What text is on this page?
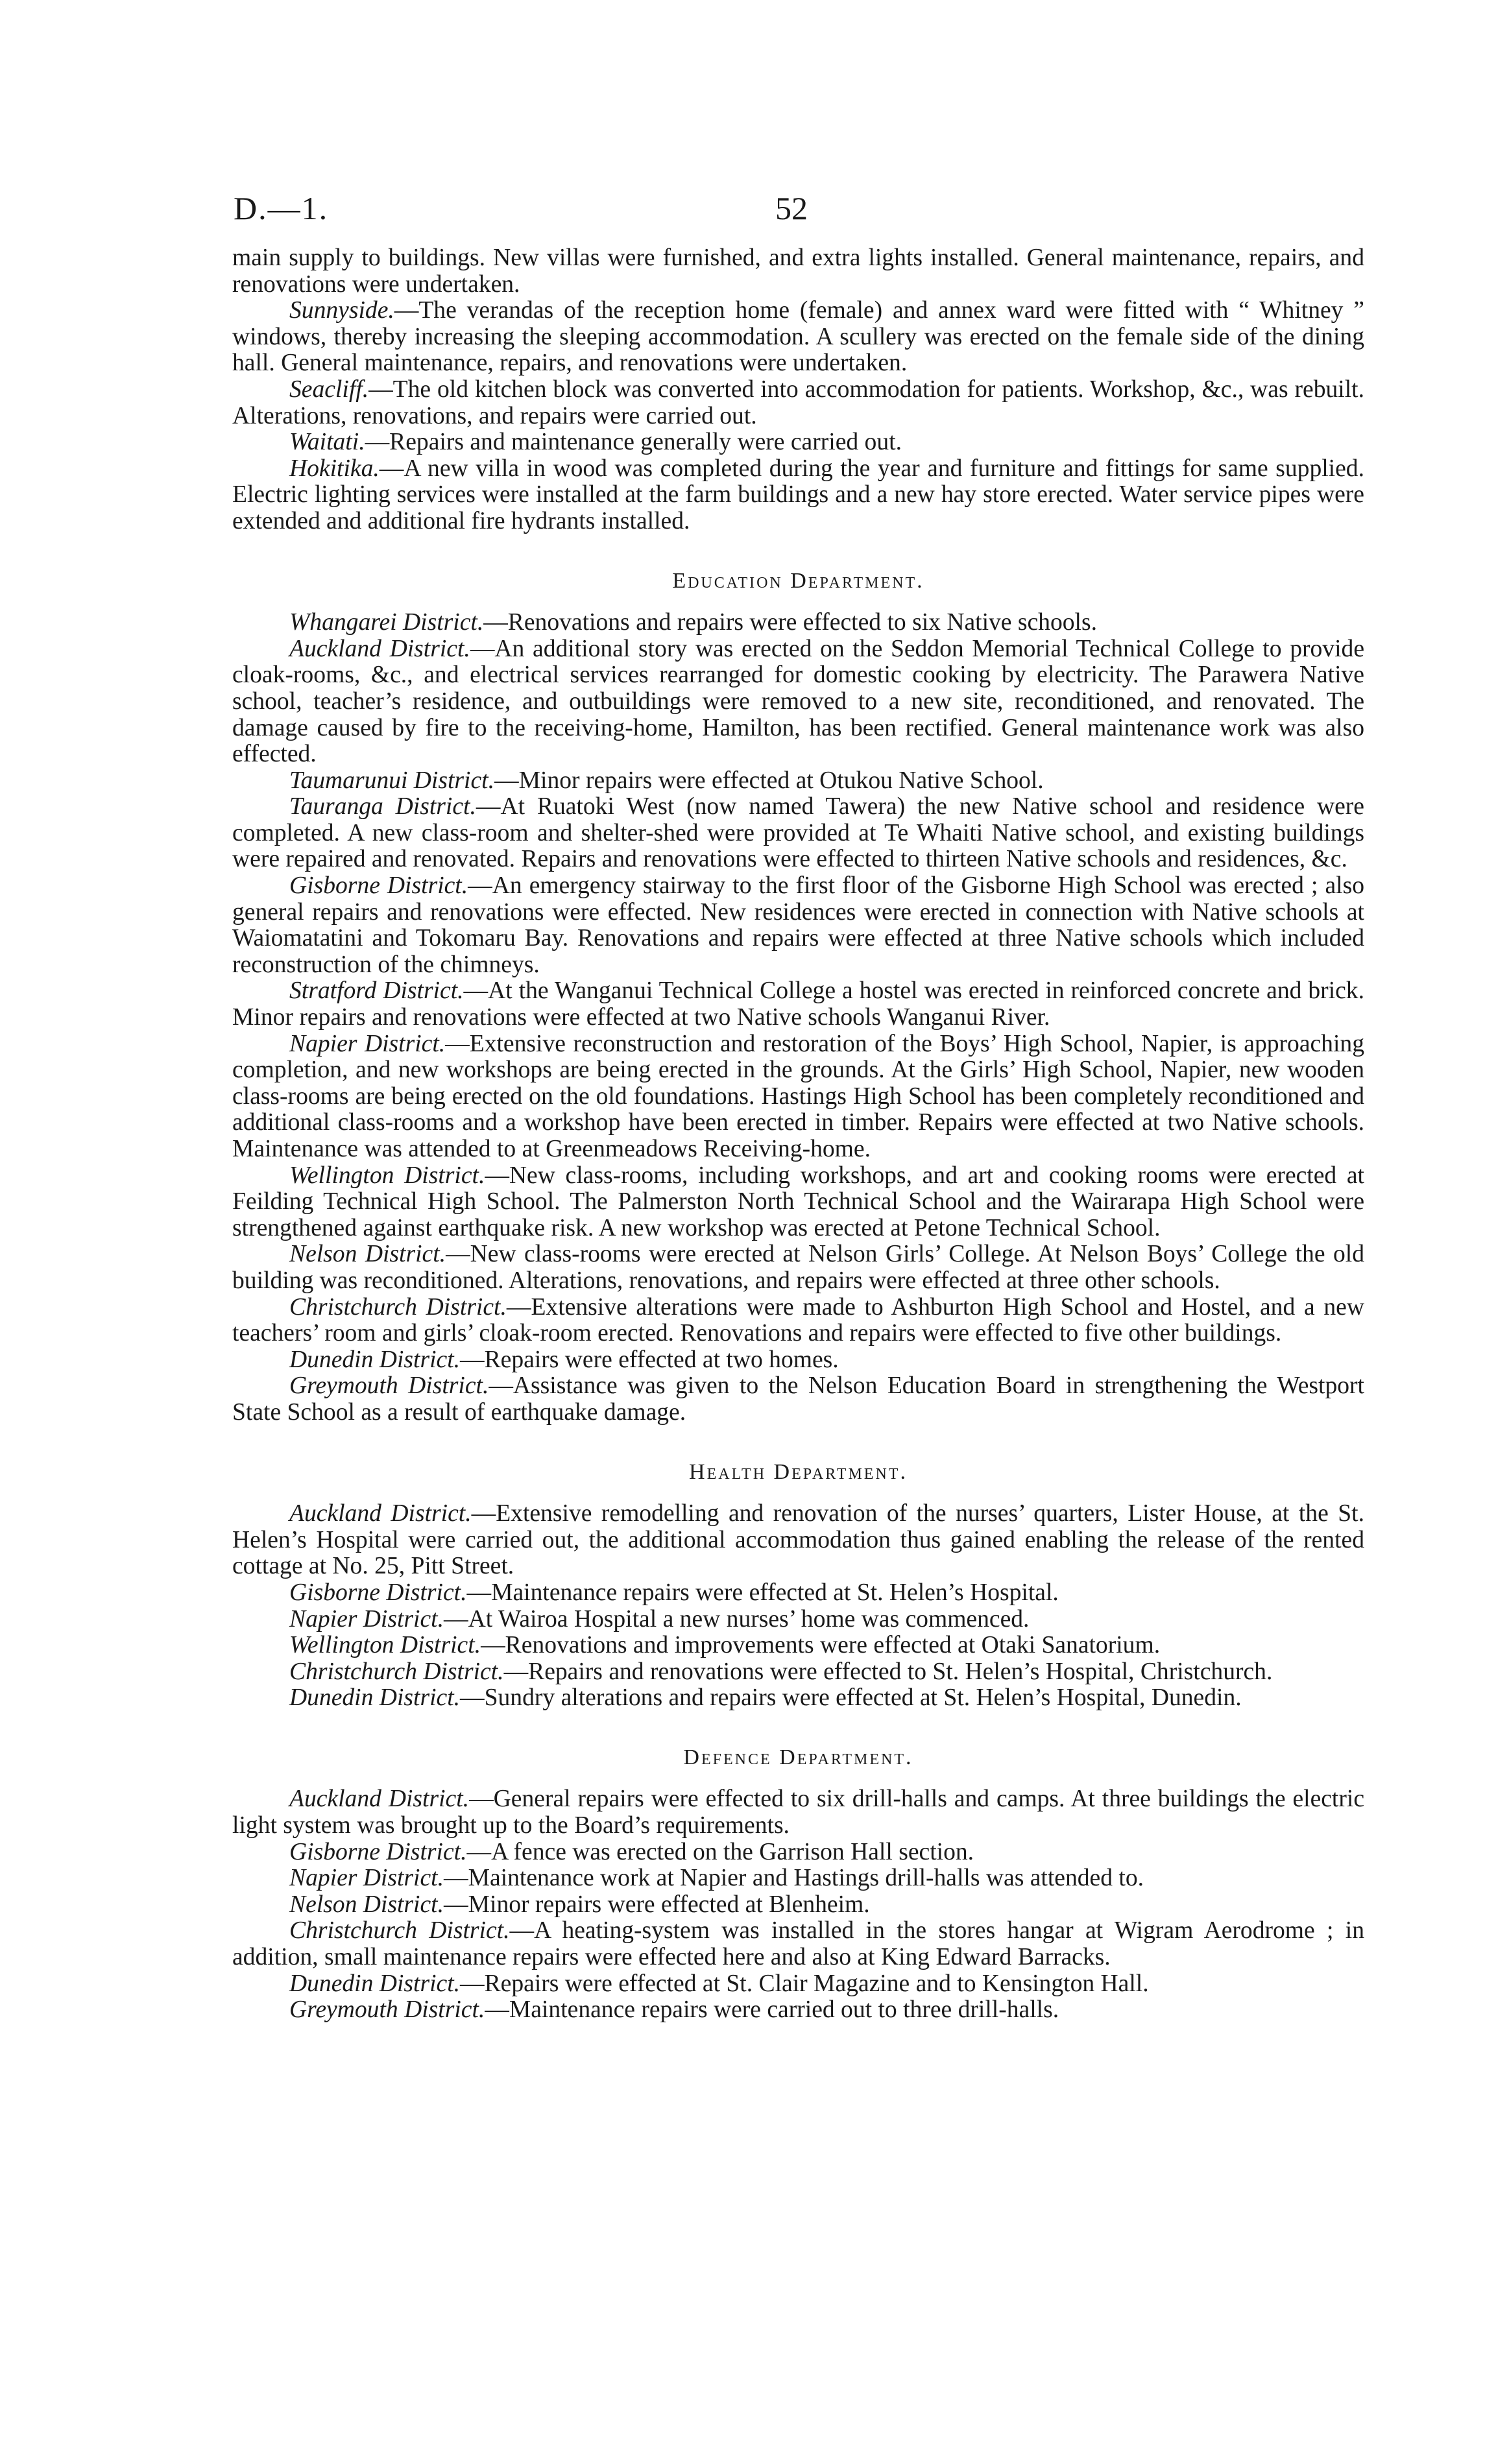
D.—1.	52

main supply to buildings. New villas were furnished, and extra lights installed. General maintenance, repairs, and renovations were undertaken.

Sunnyside.—The verandas of the reception home (female) and annex ward were fitted with “ Whitney ” windows, thereby increasing the sleeping accommodation. A scullery was erected on the female side of the dining hall. General maintenance, repairs, and renovations were undertaken.

Seacliff.—The old kitchen block was converted into accommodation for patients. Workshop, &c., was rebuilt. Alterations, renovations, and repairs were carried out.

Waitati.—Repairs and maintenance generally were carried out.

Hokitika.—A new villa in wood was completed during the year and furniture and fittings for same supplied. Electric lighting services were installed at the farm buildings and a new hay store erected. Water service pipes were extended and additional fire hydrants installed.

Education Department.

Whangarei District.—Renovations and repairs were effected to six Native schools.

Auckland District.—An additional story was erected on the Seddon Memorial Technical College to provide cloak-rooms, &c., and electrical services rearranged for domestic cooking by electricity. The Parawera Native school, teacher’s residence, and outbuildings were removed to a new site, reconditioned, and renovated. The damage caused by fire to the receiving-home, Hamilton, has been rectified. General maintenance work was also effected.

Taumarunui District.—Minor repairs were effected at Otukou Native School.

Tauranga District.—At Ruatoki West (now named Tawera) the new Native school and residence were completed. A new class-room and shelter-shed were provided at Te Whaiti Native school, and existing buildings were repaired and renovated. Repairs and renovations were effected to thirteen Native schools and residences, &c.

Gisborne District.—An emergency stairway to the first floor of the Gisborne High School was erected ; also general repairs and renovations were effected. New residences were erected in connection with Native schools at Waiomatatini and Tokomaru Bay. Renovations and repairs were effected at three Native schools which included reconstruction of the chimneys.

Stratford District.—At the Wanganui Technical College a hostel was erected in reinforced concrete and brick. Minor repairs and renovations were effected at two Native schools Wanganui River.

Napier District.—Extensive reconstruction and restoration of the Boys’ High School, Napier, is approaching completion, and new workshops are being erected in the grounds. At the Girls’ High School, Napier, new wooden class-rooms are being erected on the old foundations. Hastings High School has been completely reconditioned and additional class-rooms and a workshop have been erected in timber. Repairs were effected at two Native schools. Maintenance was attended to at Greenmeadows Receiving-home.

Wellington District.—New class-rooms, including workshops, and art and cooking rooms were erected at Feilding Technical High School. The Palmerston North Technical School and the Wairarapa High School were strengthened against earthquake risk. A new workshop was erected at Petone Technical School.

Nelson District.—New class-rooms were erected at Nelson Girls’ College. At Nelson Boys’ College the old building was reconditioned. Alterations, renovations, and repairs were effected at three other schools.

Christchurch District.—Extensive alterations were made to Ashburton High School and Hostel, and a new teachers’ room and girls’ cloak-room erected. Renovations and repairs were effected to five other buildings.

Dunedin District.—Repairs were effected at two homes.

Greymouth District.—Assistance was given to the Nelson Education Board in strengthening the Westport State School as a result of earthquake damage.

Health Department.

Auckland District.—Extensive remodelling and renovation of the nurses’ quarters, Lister House, at the St. Helen’s Hospital were carried out, the additional accommodation thus gained enabling the release of the rented cottage at No. 25, Pitt Street.

Gisborne District.—Maintenance repairs were effected at St. Helen’s Hospital.

Napier District.—At Wairoa Hospital a new nurses’ home was commenced.

Wellington District.—Renovations and improvements were effected at Otaki Sanatorium.

Christchurch District.—Repairs and renovations were effected to St. Helen’s Hospital, Christchurch.

Dunedin District.—Sundry alterations and repairs were effected at St. Helen’s Hospital, Dunedin.

Defence Department.

Auckland District.—General repairs were effected to six drill-halls and camps. At three buildings the electric light system was brought up to the Board’s requirements.

Gisborne District.—A fence was erected on the Garrison Hall section.

Napier District.—Maintenance work at Napier and Hastings drill-halls was attended to.

Nelson District.—Minor repairs were effected at Blenheim.

Christchurch District.—A heating-system was installed in the stores hangar at Wigram Aerodrome ; in addition, small maintenance repairs were effected here and also at King Edward Barracks.

Dunedin District.—Repairs were effected at St. Clair Magazine and to Kensington Hall.

Greymouth District.—Maintenance repairs were carried out to three drill-halls.
